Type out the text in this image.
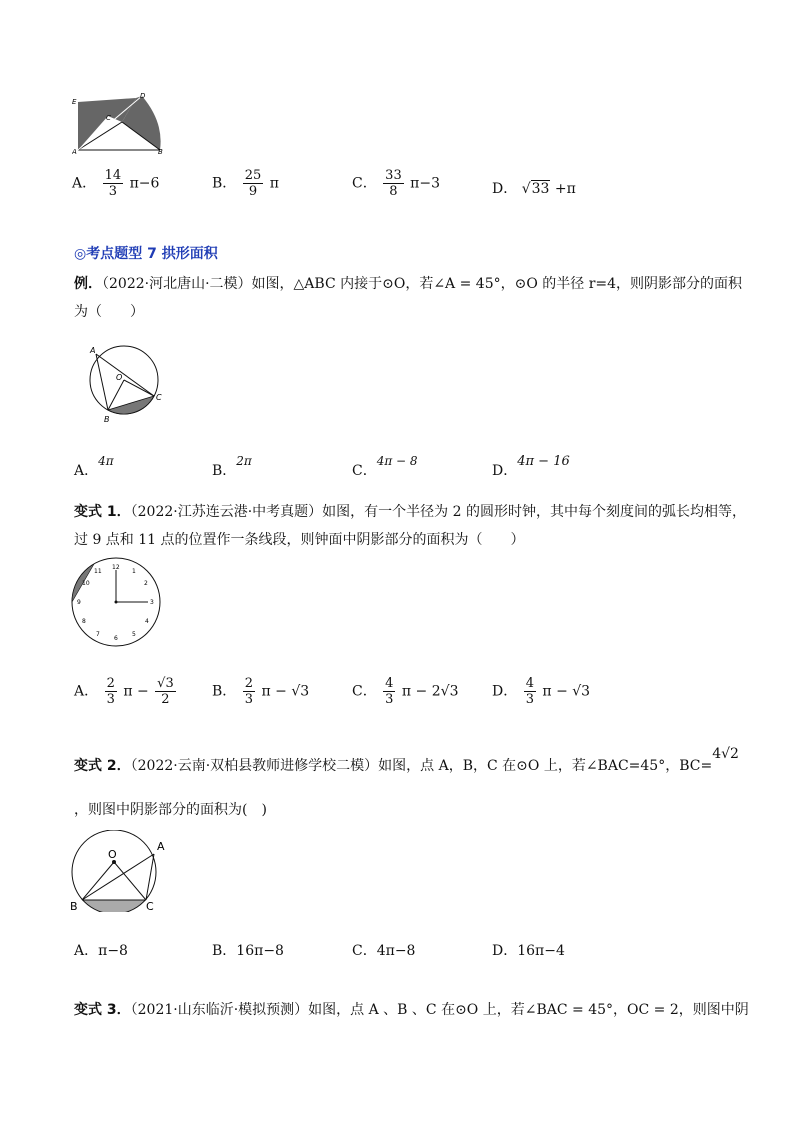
E
D
C
A	B
A． $\frac{14}{3} \pi-6$	B． $\frac{25}{9}$ π	C． $\frac{33}{8} \pi-3$	D． √33 +π
◎考点题型 7 拱形面积
例．（2022·河北唐山·二模）如图，△ABC 内接于⊙O，若∠A = 45°，⊙O 的半径 r=4，则阴影部分的面积
为（　　）
A
O
C
B
A．4π
B．2π
C．4π − 8
D．4π − 16
变式 1．（2022·江苏连云港·中考真题）如图，有一个半径为 2 的圆形时钟，其中每个刻度间的弧长均相等，
过 9 点和 11 点的位置作一条线段，则钟面中阴影部分的面积为（　　）
12
1
2
3
4
5
6
7
8
9
10
11
A． $\frac{2}{3}$ $\pi - \frac{√3}{2}$	B． $\frac{2}{3}$ π − √3	C． $\frac{4}{3}$ π − 2√3 D． $\frac{4}{3}$ π − √3
变式 2．（2022·云南·双柏县教师进修学校二模）如图，点 A，B，C 在⊙O 上，若∠BAC=45°，BC=4√2
，则图中阴影部分的面积为(　)
O
A
B	C
A．π−8	B．16π−8	C．4π−8	D．16π−4
变式 3．（2021·山东临沂·模拟预测）如图，点 A 、B 、C 在⊙O 上，若∠BAC = 45°，OC = 2，则图中阴
